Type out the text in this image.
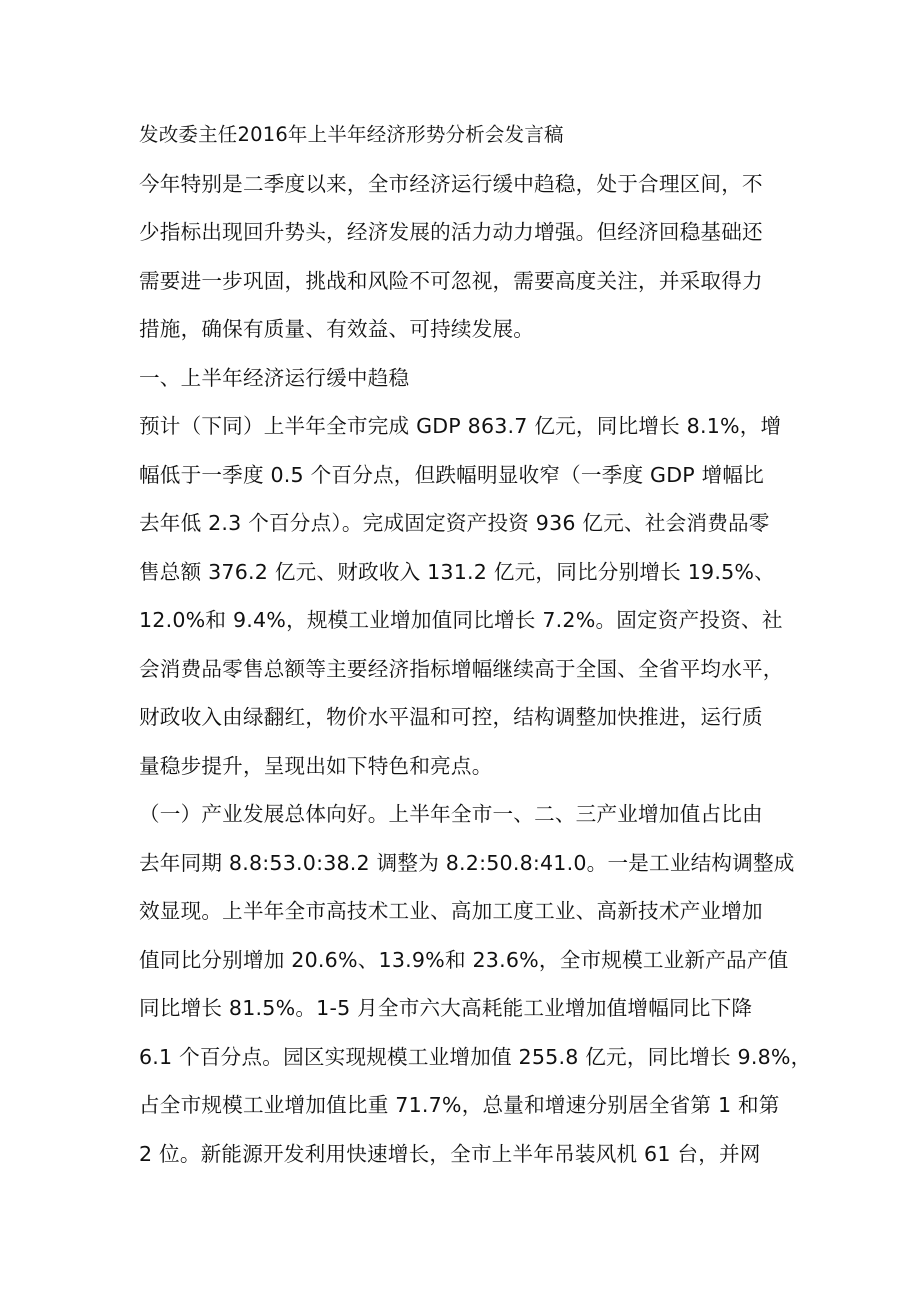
发改委主任2016年上半年经济形势分析会发言稿
今年特别是二季度以来，全市经济运行缓中趋稳，处于合理区间，不
少指标出现回升势头，经济发展的活力动力增强。但经济回稳基础还
需要进一步巩固，挑战和风险不可忽视，需要高度关注，并采取得力
措施，确保有质量、有效益、可持续发展。
一、上半年经济运行缓中趋稳
预计（下同）上半年全市完成 GDP 863.7 亿元，同比增长 8.1%，增
幅低于一季度 0.5 个百分点，但跌幅明显收窄（一季度 GDP 增幅比
去年低 2.3 个百分点）。完成固定资产投资 936 亿元、社会消费品零
售总额 376.2 亿元、财政收入 131.2 亿元，同比分别增长 19.5%、
12.0%和 9.4%，规模工业增加值同比增长 7.2%。固定资产投资、社
会消费品零售总额等主要经济指标增幅继续高于全国、全省平均水平，
财政收入由绿翻红，物价水平温和可控，结构调整加快推进，运行质
量稳步提升，呈现出如下特色和亮点。
（一）产业发展总体向好。上半年全市一、二、三产业增加值占比由
去年同期 8.8:53.0:38.2 调整为 8.2:50.8:41.0。一是工业结构调整成
效显现。上半年全市高技术工业、高加工度工业、高新技术产业增加
值同比分别增加 20.6%、13.9%和 23.6%，全市规模工业新产品产值
同比增长 81.5%。1-5 月全市六大高耗能工业增加值增幅同比下降
6.1 个百分点。园区实现规模工业增加值 255.8 亿元，同比增长 9.8%，
占全市规模工业增加值比重 71.7%，总量和增速分别居全省第 1 和第
2 位。新能源开发利用快速增长，全市上半年吊装风机 61 台，并网
